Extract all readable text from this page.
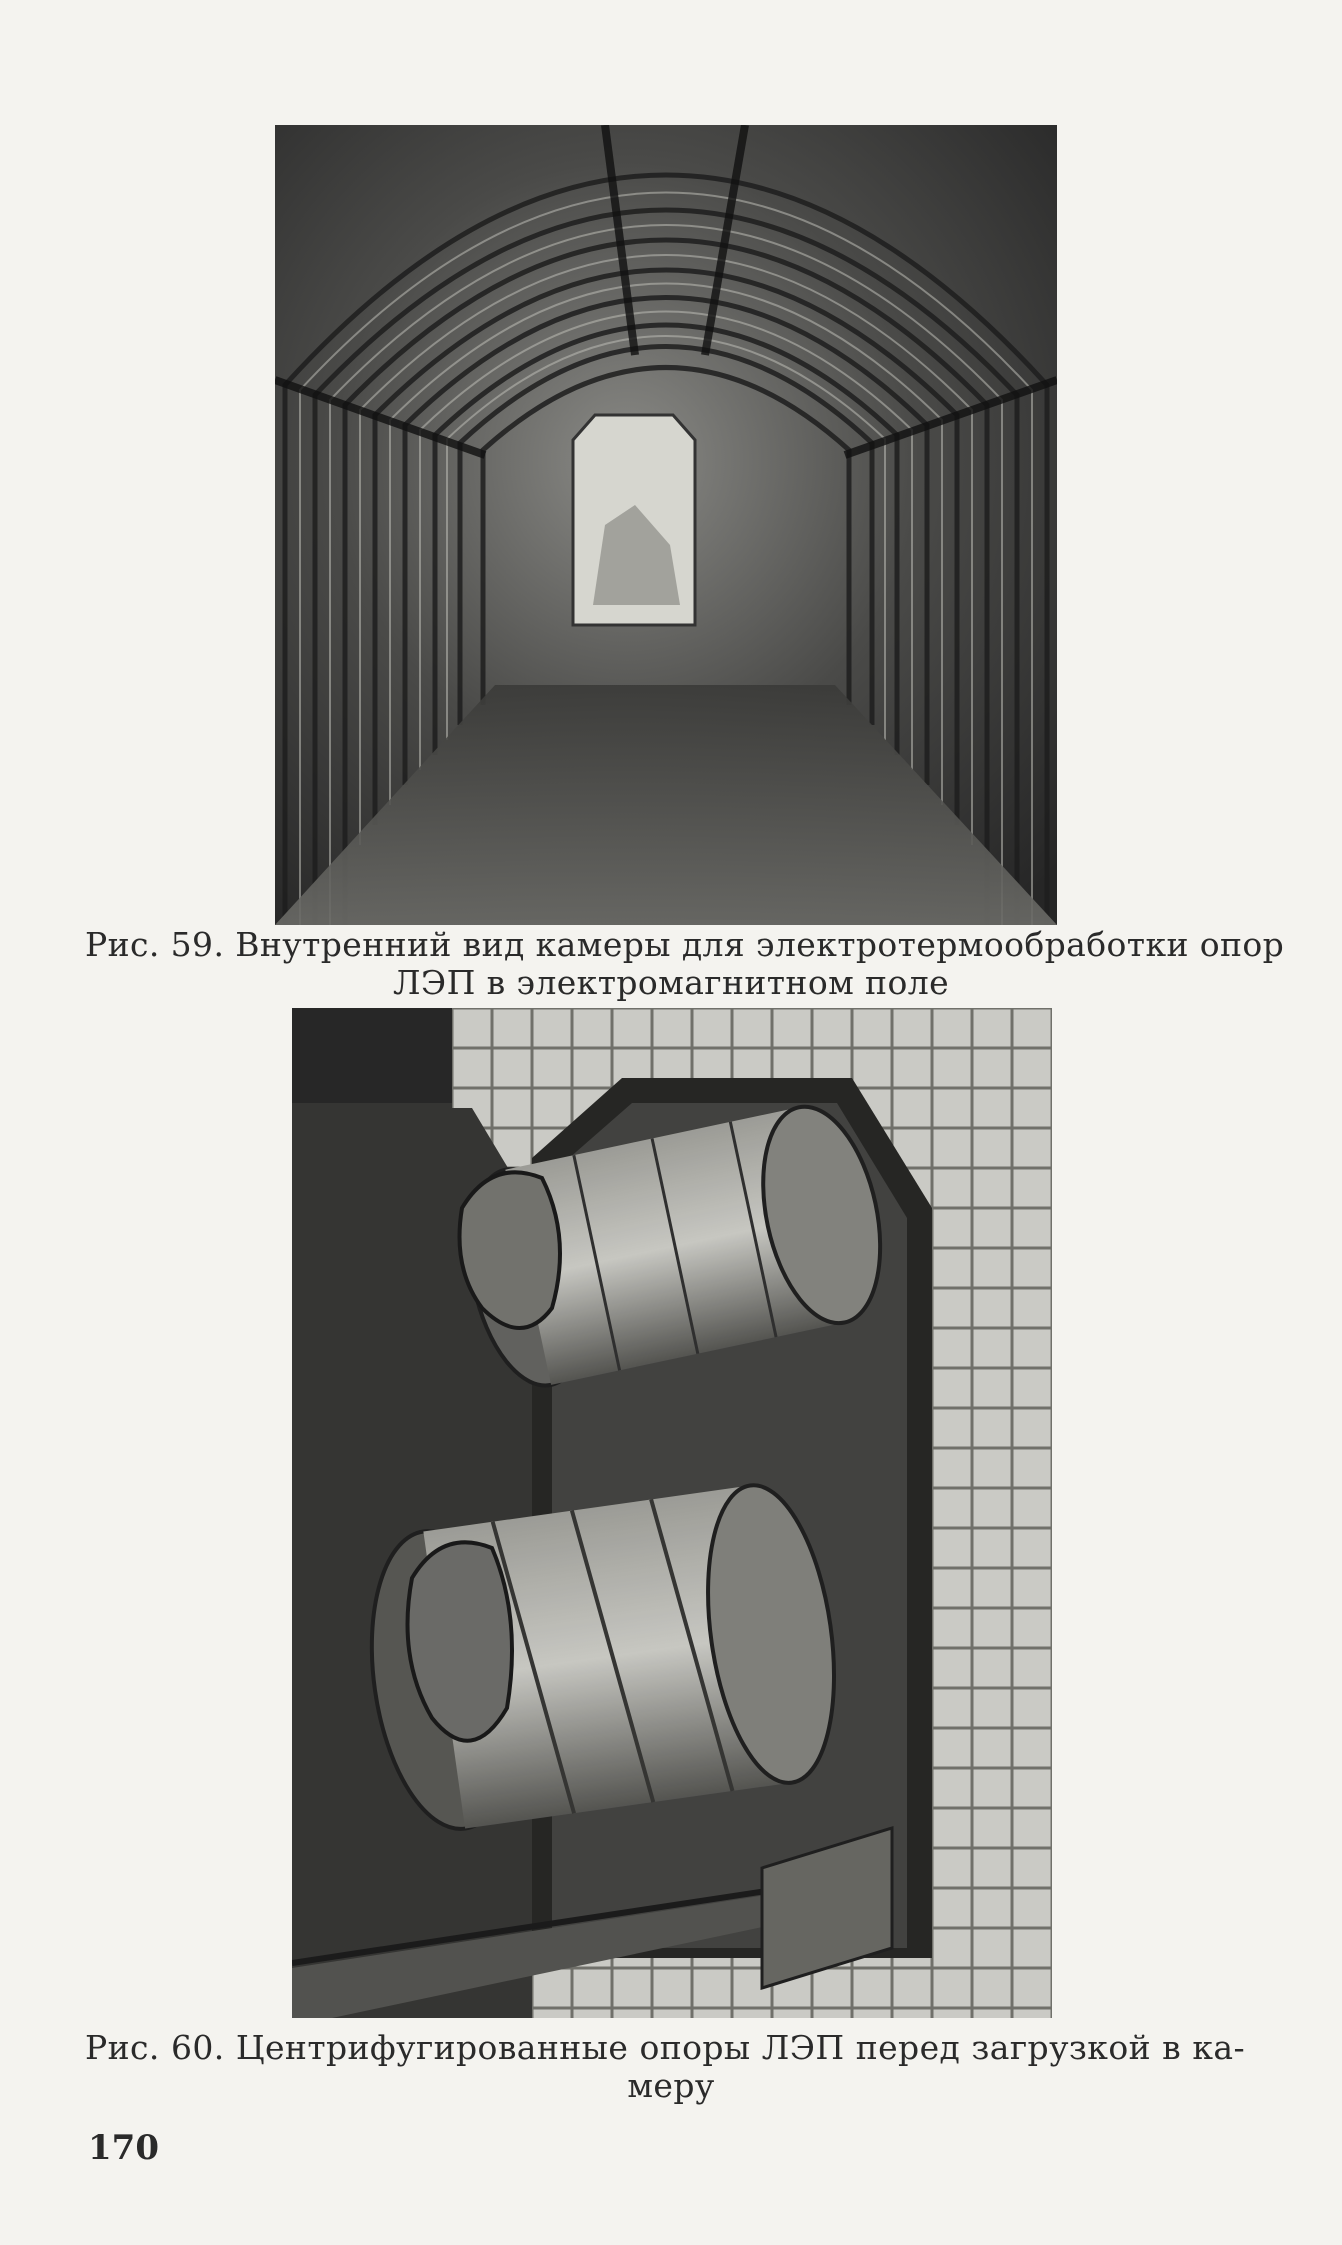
Рис. 59. Внутренний вид камеры для электротермообработки опор
ЛЭП в электромагнитном поле
Рис. 60. Центрифугированные опоры ЛЭП перед загрузкой в ка-
меру
170
